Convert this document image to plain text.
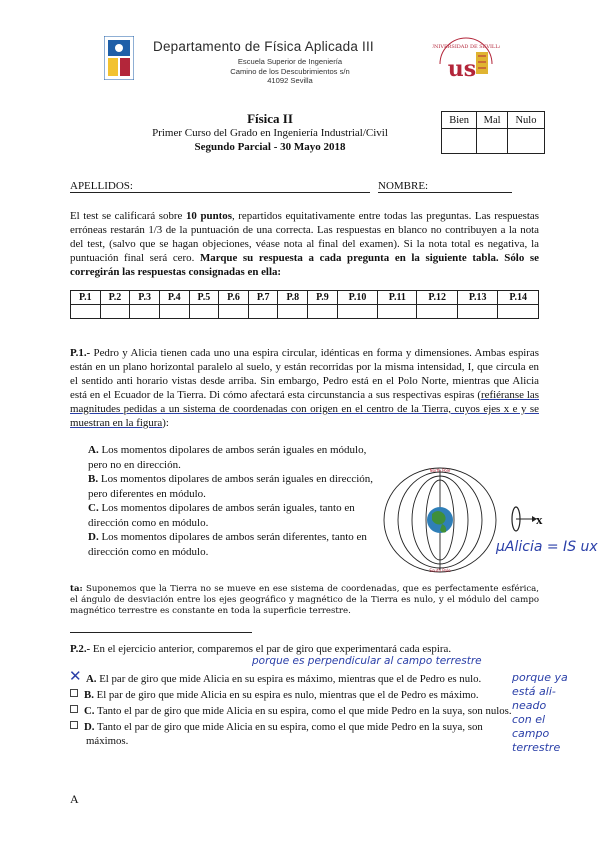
Departamento de Física Aplicada III
Escuela Superior de Ingeniería
Camino de los Descubrimientos s/n
41092 Sevilla
UNIVERSIDAD DE SEVILLA
us
Física II
Primer Curso del Grado en Ingeniería Industrial/Civil
Segundo Parcial - 30 Mayo 2018
Bien	Mal	Nulo

APELLIDOS:	NOMBRE:

El test se calificará sobre 10 puntos, repartidos equitativamente entre todas las preguntas. Las respuestas erróneas restarán 1/3 de la puntuación de una correcta. Las respuestas en blanco no contribuyen a la nota del test, (salvo que se hagan objeciones, véase nota al final del examen). Si la nota total es negativa, la puntuación final será cero. Marque su respuesta a cada pregunta en la siguiente tabla. Sólo se corregirán las respuestas consignadas en ella:

P.1	P.2	P.3	P.4	P.5	P.6	P.7	P.8	P.9	P.10	P.11	P.12	P.13	P.14

P.1.- Pedro y Alicia tienen cada uno una espira circular, idénticas en forma y dimensiones. Ambas espiras están en un plano horizontal paralelo al suelo, y están recorridas por la misma intensidad, I, que circula en el sentido anti horario vistas desde arriba. Sin embargo, Pedro está en el Polo Norte, mientras que Alicia está en el Ecuador de la Tierra. Di cómo afectará esta circunstancia a sus respectivas espiras (refiéranse las magnitudes pedidas a un sistema de coordenadas con origen en el centro de la Tierra, cuyos ejes x e y se muestran en la figura):

A. Los momentos dipolares de ambos serán iguales en módulo, pero no en dirección.

B. Los momentos dipolares de ambos serán iguales en dirección, pero diferentes en módulo.

C. Los momentos dipolares de ambos serán iguales, tanto en dirección como en módulo.

D. Los momentos dipolares de ambos serán diferentes, tanto en dirección como en módulo.

North Pole
South Pole
x
μAlicia = IS ux

ta: Suponemos que la Tierra no se mueve en ese sistema de coordenadas, que es perfectamente esférica, el ángulo de desviación entre los ejes geográfico y magnético de la Tierra es nulo, y el módulo del campo magnético terrestre es constante en toda la superficie terrestre.

P.2.- En el ejercicio anterior, comparemos el par de giro que experimentará cada espira.

porque es perpendicular al campo terrestre

✕ A. El par de giro que mide Alicia en su espira es máximo, mientras que el de Pedro es nulo.

B. El par de giro que mide Alicia en su espira es nulo, mientras que el de Pedro es máximo.

C. Tanto el par de giro que mide Alicia en su espira, como el que mide Pedro en la suya, son nulos.

D. Tanto el par de giro que mide Alicia en su espira, como el que mide Pedro en la suya, son máximos.

porque ya
está ali-
neado
con el
campo
terrestre
A
